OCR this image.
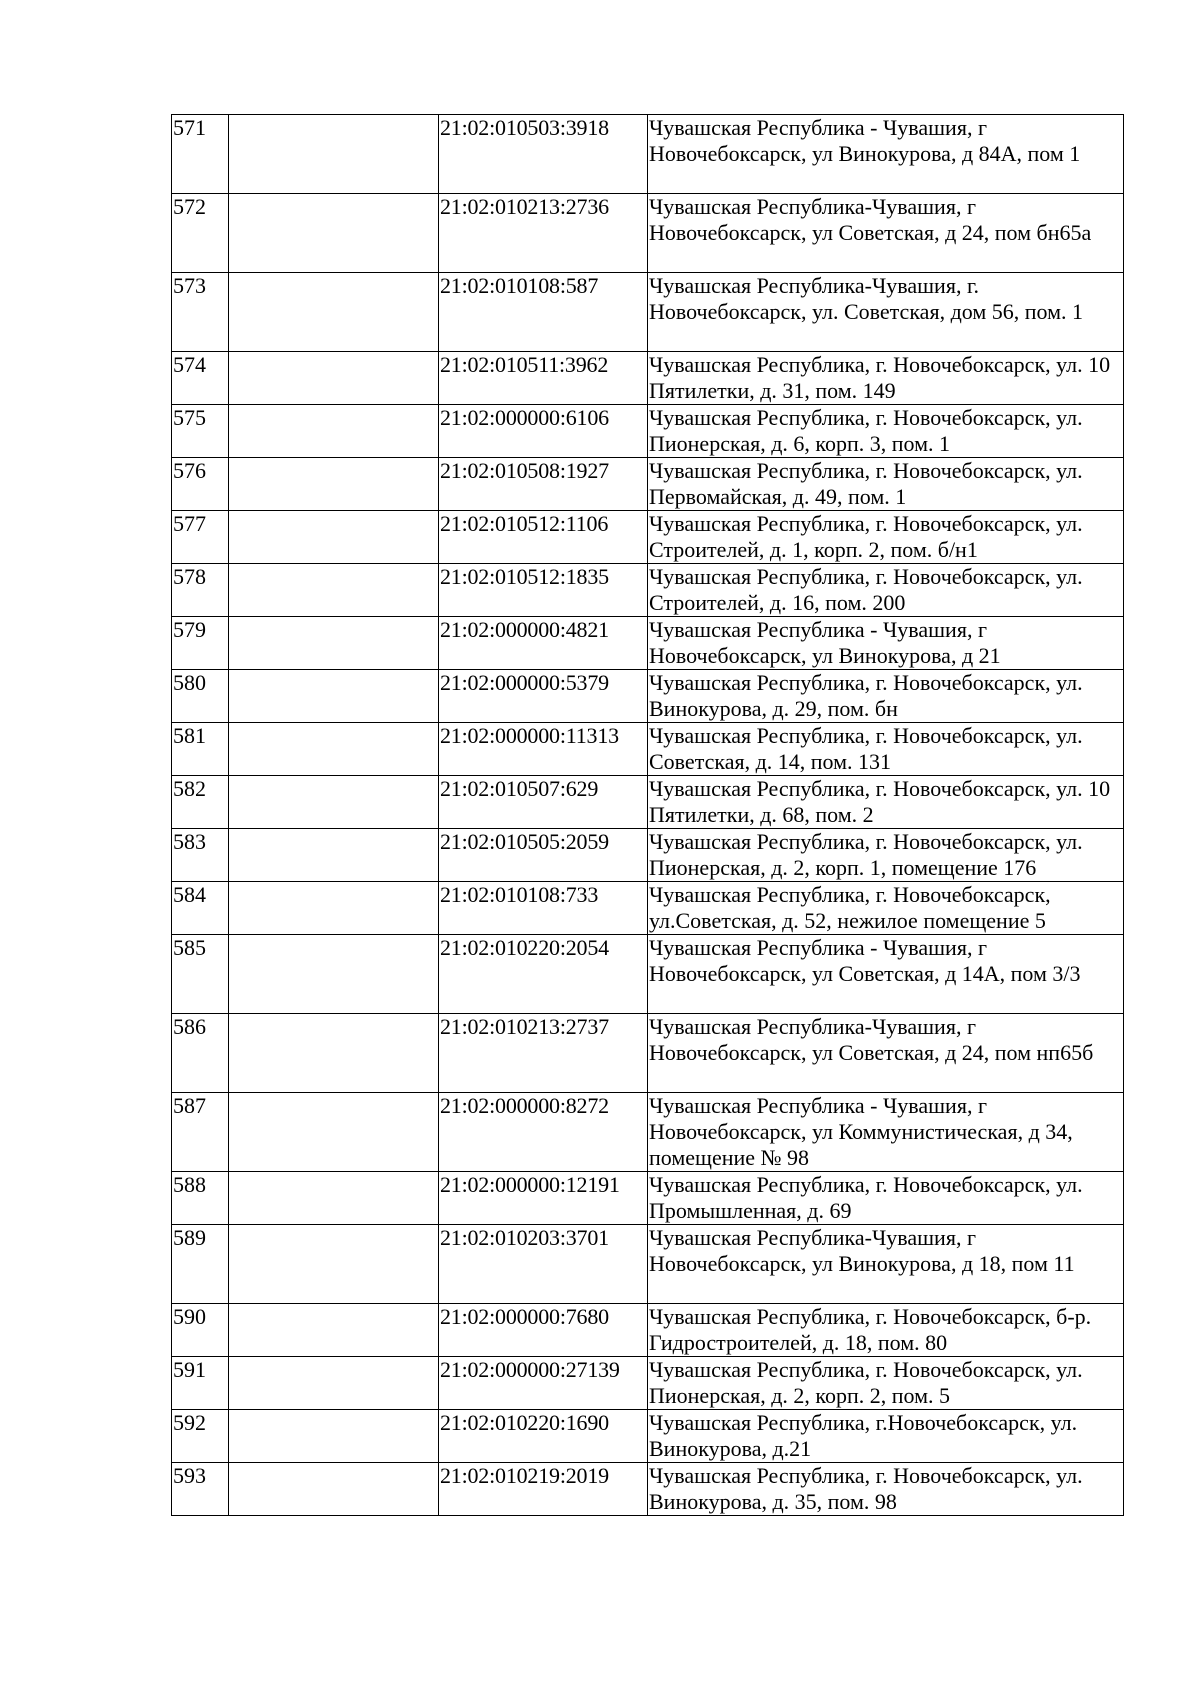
571		21:02:010503:3918	Чувашская Республика - Чувашия, г Новочебоксарск, ул Винокурова, д 84А, пом 1
572		21:02:010213:2736	Чувашская Республика-Чувашия, г Новочебоксарск, ул Советская, д 24, пом бн65а
573		21:02:010108:587	Чувашская Республика-Чувашия, г. Новочебоксарск, ул. Советская, дом 56, пом. 1
574		21:02:010511:3962	Чувашская Республика, г. Новочебоксарск, ул. 10 Пятилетки, д. 31, пом. 149
575		21:02:000000:6106	Чувашская Республика, г. Новочебоксарск, ул. Пионерская, д. 6, корп. 3, пом. 1
576		21:02:010508:1927	Чувашская Республика, г. Новочебоксарск, ул. Первомайская, д. 49, пом. 1
577		21:02:010512:1106	Чувашская Республика, г. Новочебоксарск, ул. Строителей, д. 1, корп. 2, пом. б/н1
578		21:02:010512:1835	Чувашская Республика, г. Новочебоксарск, ул. Строителей, д. 16, пом. 200
579		21:02:000000:4821	Чувашская Республика - Чувашия, г Новочебоксарск, ул Винокурова, д 21
580		21:02:000000:5379	Чувашская Республика, г. Новочебоксарск, ул. Винокурова, д. 29, пом. бн
581		21:02:000000:11313	Чувашская Республика, г. Новочебоксарск, ул. Советская, д. 14, пом. 131
582		21:02:010507:629	Чувашская Республика, г. Новочебоксарск, ул. 10 Пятилетки, д. 68, пом. 2
583		21:02:010505:2059	Чувашская Республика, г. Новочебоксарск, ул. Пионерская, д. 2, корп. 1, помещение 176
584		21:02:010108:733	Чувашская Республика, г. Новочебоксарск, ул.Советская, д. 52, нежилое помещение 5
585		21:02:010220:2054	Чувашская Республика - Чувашия, г Новочебоксарск, ул Советская, д 14А, пом 3/3
586		21:02:010213:2737	Чувашская Республика-Чувашия, г Новочебоксарск, ул Советская, д 24, пом нп65б
587		21:02:000000:8272	Чувашская Республика - Чувашия, г Новочебоксарск, ул Коммунистическая, д 34, помещение № 98
588		21:02:000000:12191	Чувашская Республика, г. Новочебоксарск, ул. Промышленная, д. 69
589		21:02:010203:3701	Чувашская Республика-Чувашия, г Новочебоксарск, ул Винокурова, д 18, пом 11
590		21:02:000000:7680	Чувашская Республика, г. Новочебоксарск, б-р. Гидростроителей, д. 18, пом. 80
591		21:02:000000:27139	Чувашская Республика, г. Новочебоксарск, ул. Пионерская, д. 2, корп. 2, пом. 5
592		21:02:010220:1690	Чувашская Республика, г.Новочебоксарск, ул. Винокурова, д.21
593		21:02:010219:2019	Чувашская Республика, г. Новочебоксарск, ул. Винокурова, д. 35, пом. 98
